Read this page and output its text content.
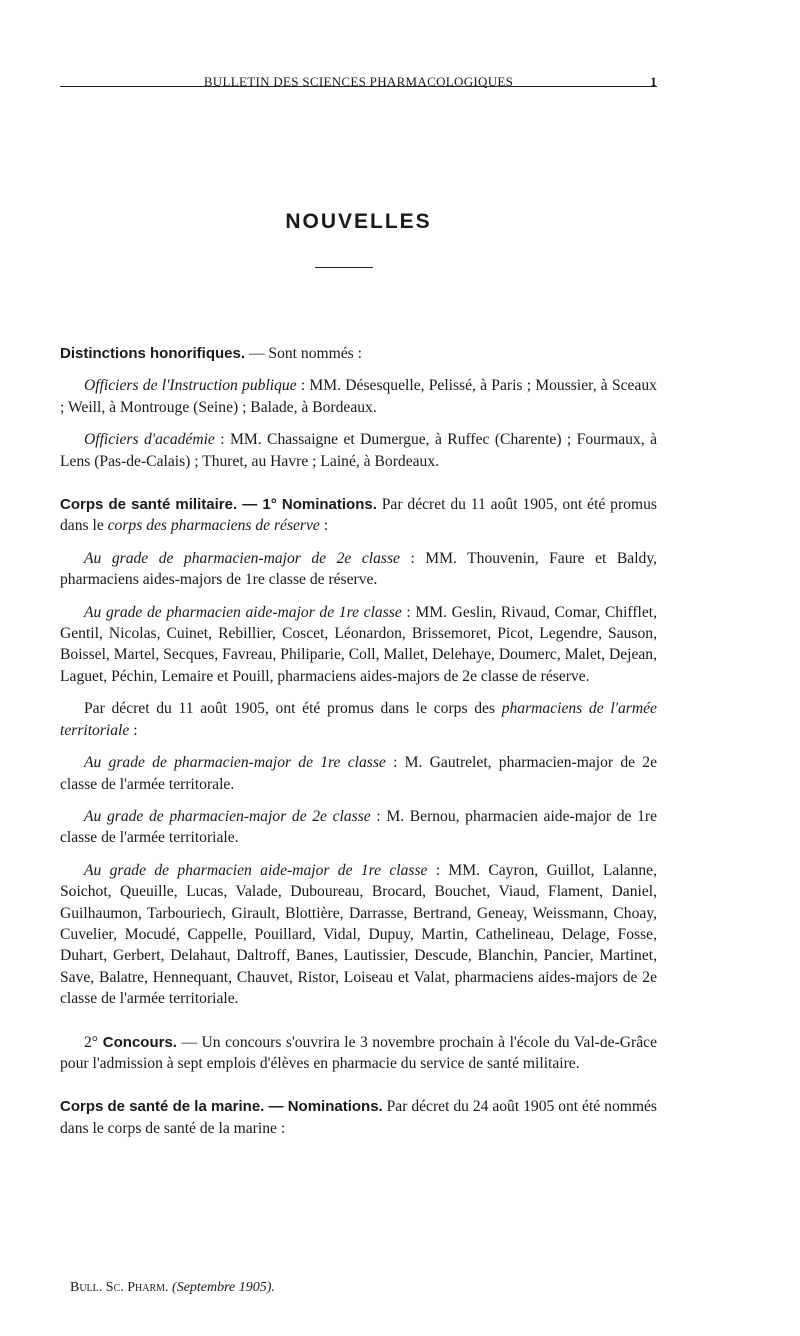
BULLETIN DES SCIENCES PHARMACOLOGIQUES	1
NOUVELLES

Distinctions honorifiques. — Sont nommés :

Officiers de l'Instruction publique : MM. Désesquelle, Pelissé, à Paris ; Moussier, à Sceaux ; Weill, à Montrouge (Seine) ; Balade, à Bordeaux.

Officiers d'académie : MM. Chassaigne et Dumergue, à Ruffec (Charente) ; Fourmaux, à Lens (Pas-de-Calais) ; Thuret, au Havre ; Lainé, à Bordeaux.

Corps de santé militaire. — 1° Nominations. Par décret du 11 août 1905, ont été promus dans le corps des pharmaciens de réserve :

Au grade de pharmacien-major de 2e classe : MM. Thouvenin, Faure et Baldy, pharmaciens aides-majors de 1re classe de réserve.

Au grade de pharmacien aide-major de 1re classe : MM. Geslin, Rivaud, Comar, Chifflet, Gentil, Nicolas, Cuinet, Rebillier, Coscet, Léonardon, Brissemoret, Picot, Legendre, Sauson, Boissel, Martel, Secques, Favreau, Philiparie, Coll, Mallet, Delehaye, Doumerc, Malet, Dejean, Laguet, Péchin, Lemaire et Pouill, pharmaciens aides-majors de 2e classe de réserve.

Par décret du 11 août 1905, ont été promus dans le corps des pharmaciens de l'armée territoriale :

Au grade de pharmacien-major de 1re classe : M. Gautrelet, pharmacien-major de 2e classe de l'armée territorale.

Au grade de pharmacien-major de 2e classe : M. Bernou, pharmacien aide-major de 1re classe de l'armée territoriale.

Au grade de pharmacien aide-major de 1re classe : MM. Cayron, Guillot, Lalanne, Soichot, Queuille, Lucas, Valade, Duboureau, Brocard, Bouchet, Viaud, Flament, Daniel, Guilhaumon, Tarbouriech, Girault, Blottière, Darrasse, Bertrand, Geneay, Weissmann, Choay, Cuvelier, Mocudé, Cappelle, Pouillard, Vidal, Dupuy, Martin, Cathelineau, Delage, Fosse, Duhart, Gerbert, Delahaut, Daltroff, Banes, Lautissier, Descude, Blanchin, Pancier, Martinet, Save, Balatre, Hennequant, Chauvet, Ristor, Loiseau et Valat, pharmaciens aides-majors de 2e classe de l'armée territoriale.

2° Concours. — Un concours s'ouvrira le 3 novembre prochain à l'école du Val-de-Grâce pour l'admission à sept emplois d'élèves en pharmacie du service de santé militaire.

Corps de santé de la marine. — Nominations. Par décret du 24 août 1905 ont été nommés dans le corps de santé de la marine :

Bull. Sc. Pharm. (Septembre 1905).
